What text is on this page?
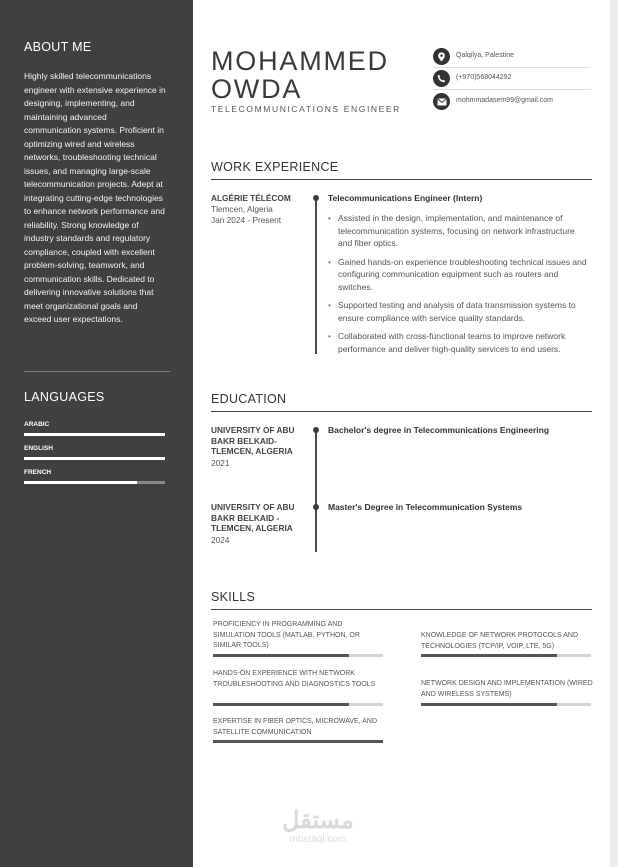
ABOUT ME
Highly skilled telecommunications engineer with extensive experience in designing, implementing, and maintaining advanced communication systems. Proficient in optimizing wired and wireless networks, troubleshooting technical issues, and managing large-scale telecommunication projects. Adept at integrating cutting-edge technologies to enhance network performance and reliability. Strong knowledge of industry standards and regulatory compliance, coupled with excellent problem-solving, teamwork, and communication skills. Dedicated to delivering innovative solutions that meet organizational goals and exceed user expectations.
LANGUAGES
ARABIC
ENGLISH
FRENCH
MOHAMMED
OWDA
TELECOMMUNICATIONS ENGINEER
Qalqilya, Palestine
(+970)568044292
mohmmadasem99@gmail.com
WORK EXPERIENCE
ALGÉRIE TÉLÉCOM
Tlemcen, Algeria
Jan 2024 - Present
Telecommunications Engineer (Intern)
• Assisted in the design, implementation, and maintenance of telecommunication systems, focusing on network infrastructure and fiber optics.
• Gained hands-on experience troubleshooting technical issues and configuring communication equipment such as routers and switches.
• Supported testing and analysis of data transmission systems to ensure compliance with service quality standards.
• Collaborated with cross-functional teams to improve network performance and deliver high-quality services to end users.
EDUCATION
UNIVERSITY OF ABU BAKR BELKAID-TLEMCEN, ALGERIA
2021
Bachelor's degree in Telecommunications Engineering
UNIVERSITY OF ABU BAKR BELKAID - TLEMCEN, ALGERIA
2024
Master's Degree in Telecommunication Systems
SKILLS
PROFICIENCY IN PROGRAMMING AND SIMULATION TOOLS (MATLAB, PYTHON, OR SIMILAR TOOLS)
KNOWLEDGE OF NETWORK PROTOCOLS AND TECHNOLOGIES (TCP/IP, VOIP, LTE, 5G)
HANDS-ON EXPERIENCE WITH NETWORK TROUBLESHOOTING AND DIAGNOSTICS TOOLS	NETWORK DESIGN AND IMPLEMENTATION (WIRED AND WIRELESS SYSTEMS)
EXPERTISE IN FIBER OPTICS, MICROWAVE, AND SATELLITE COMMUNICATION
مستقل
mostaql.com
